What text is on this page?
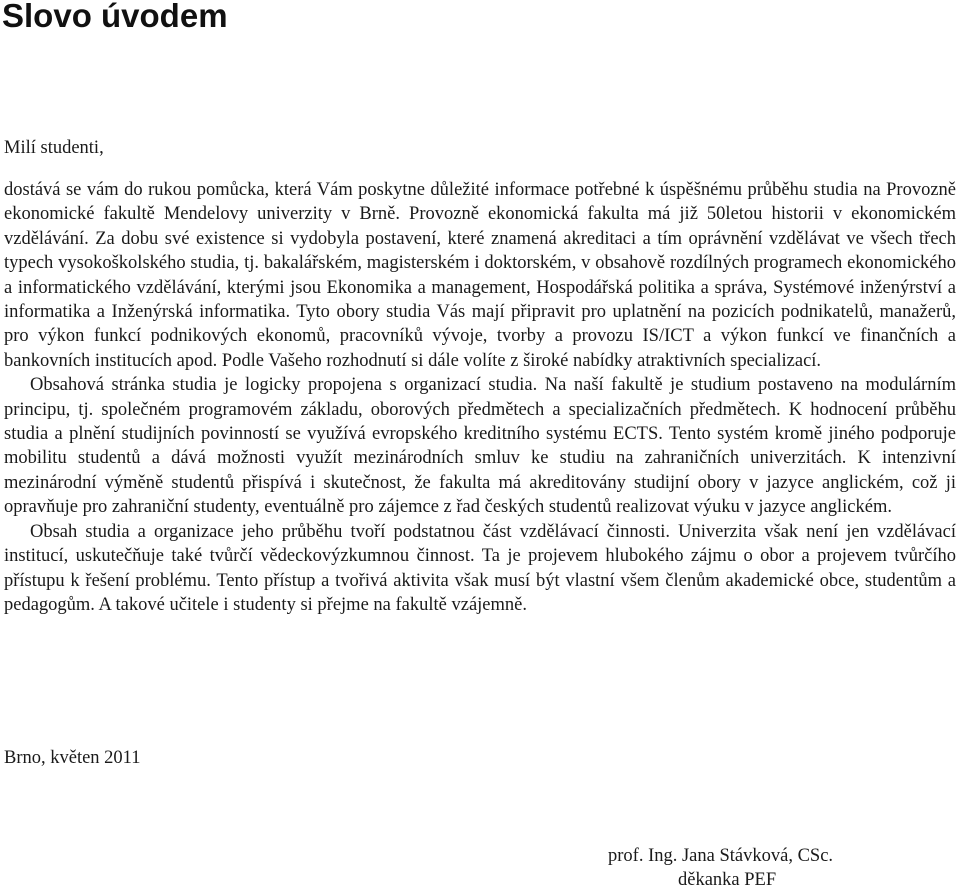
Slovo úvodem

Milí studenti,

dostává se vám do rukou pomůcka, která Vám poskytne důležité informace potřebné k úspěšnému průběhu studia na Provozně ekonomické fakultě Mendelovy univerzity v Brně. Provozně ekonomická fakulta má již 50letou historii v ekonomickém vzdělávání. Za dobu své existence si vydobyla postavení, které znamená akreditaci a tím oprávnění vzdělávat ve všech třech typech vysokoškolského studia, tj. bakalářském, magisterském i doktorském, v obsahově rozdílných programech ekonomického a informatického vzdělávání, kterými jsou Ekonomika a management, Hospodářská politika a správa, Systémové inženýrství a informatika a Inženýrská informatika. Tyto obory studia Vás mají připravit pro uplatnění na pozicích podnikatelů, manažerů, pro výkon funkcí podnikových ekonomů, pracovníků vývoje, tvorby a provozu IS/ICT a výkon funkcí ve finančních a bankovních institucích apod. Podle Vašeho rozhodnutí si dále volíte z široké nabídky atraktivních specializací.

Obsahová stránka studia je logicky propojena s organizací studia. Na naší fakultě je studium postaveno na modulárním principu, tj. společném programovém základu, oborových předmětech a specializačních předmětech. K hodnocení průběhu studia a plnění studijních povinností se využívá evropského kreditního systému ECTS. Tento systém kromě jiného podporuje mobilitu studentů a dává možnosti využít mezinárodních smluv ke studiu na zahraničních univerzitách. K intenzivní mezinárodní výměně studentů přispívá i skutečnost, že fakulta má akreditovány studijní obory v jazyce anglickém, což ji opravňuje pro zahraniční studenty, eventuálně pro zájemce z řad českých studentů realizovat výuku v jazyce anglickém.

Obsah studia a organizace jeho průběhu tvoří podstatnou část vzdělávací činnosti. Univerzita však není jen vzdělávací institucí, uskutečňuje také tvůrčí vědeckovýzkumnou činnost. Ta je projevem hlubokého zájmu o obor a projevem tvůrčího přístupu k řešení problému. Tento přístup a tvořivá aktivita však musí být vlastní všem členům akademické obce, studentům a pedagogům. A takové učitele i studenty si přejme na fakultě vzájemně.

Brno, květen 2011

prof. Ing. Jana Stávková, CSc.
děkanka PEF
